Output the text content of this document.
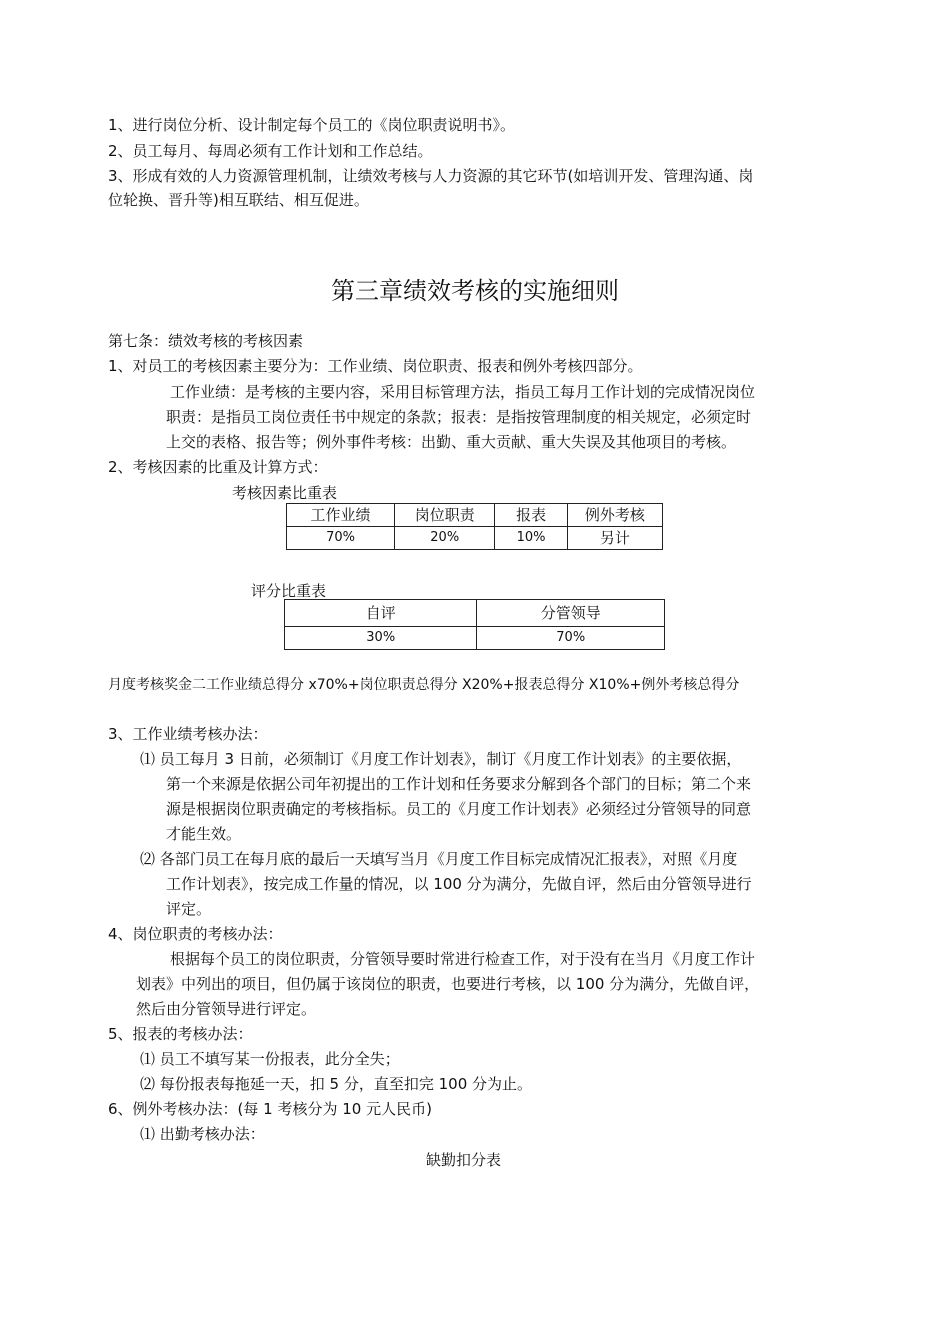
1、进行岗位分析、设计制定每个员工的《岗位职责说明书》。
2、员工每月、每周必须有工作计划和工作总结。
3、形成有效的人力资源管理机制，让绩效考核与人力资源的其它环节(如培训开发、管理沟通、岗
位轮换、晋升等)相互联结、相互促进。
第三章绩效考核的实施细则
第七条：绩效考核的考核因素
1、对员工的考核因素主要分为：工作业绩、岗位职责、报表和例外考核四部分。
工作业绩：是考核的主要内容，采用目标管理方法，指员工每月工作计划的完成情况岗位
职责：是指员工岗位责任书中规定的条款；报表：是指按管理制度的相关规定，必须定时
上交的表格、报告等；例外事件考核：出勤、重大贡献、重大失误及其他项目的考核。
2、考核因素的比重及计算方式：
考核因素比重表
工作业绩	岗位职责	报表	例外考核
70%	20%	10%	另计
评分比重表
自评	分管领导
30%	70%
月度考核奖金二工作业绩总得分 x70%+岗位职责总得分 X20%+报表总得分 X10%+例外考核总得分
3、工作业绩考核办法：
⑴ 员工每月 3 日前，必须制订《月度工作计划表》，制订《月度工作计划表》的主要依据，
第一个来源是依据公司年初提出的工作计划和任务要求分解到各个部门的目标；第二个来
源是根据岗位职责确定的考核指标。员工的《月度工作计划表》必须经过分管领导的同意
才能生效。
⑵ 各部门员工在每月底的最后一天填写当月《月度工作目标完成情况汇报表》，对照《月度
工作计划表》，按完成工作量的情况，以 100 分为满分，先做自评，然后由分管领导进行
评定。
4、岗位职责的考核办法：
根据每个员工的岗位职责，分管领导要时常进行检查工作，对于没有在当月《月度工作计
划表》中列出的项目，但仍属于该岗位的职责，也要进行考核，以 100 分为满分，先做自评，
然后由分管领导进行评定。
5、报表的考核办法：
⑴ 员工不填写某一份报表，此分全失；
⑵ 每份报表每拖延一天，扣 5 分，直至扣完 100 分为止。
6、例外考核办法：(每 1 考核分为 10 元人民币)
⑴ 出勤考核办法：
缺勤扣分表
